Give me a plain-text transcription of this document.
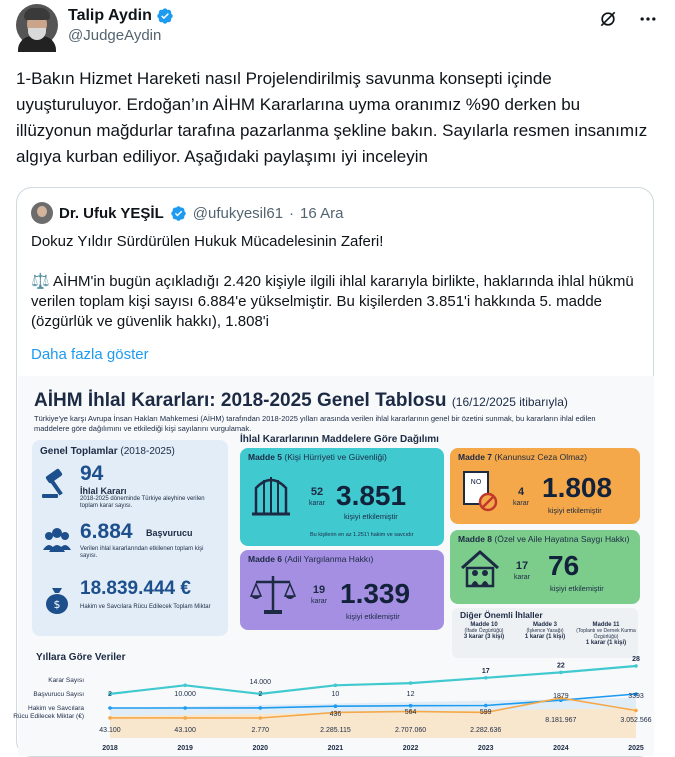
Talip Aydin
@JudgeAydin
1-Bakın Hizmet Hareketi nasıl Projelendirilmiş savunma konsepti içinde uyuşturuluyor. Erdoğan’ın AİHM Kararlarına uyma oranımız %90 derken bu illüzyonun mağdurlar tarafına pazarlanma şekline bakın. Sayılarla resmen insanımız algıya kurban ediliyor. Aşağıdaki paylaşımı iyi inceleyin
Dr. Ufuk YEŞİL @ufukyesil61 · 16 Ara

Dokuz Yıldır Sürdürülen Hukuk Mücadelesinin Zaferi!

⚖️ AİHM'in bugün açıkladığı 2.420 kişiyle ilgili ihlal kararıyla birlikte, haklarında ihlal hükmü verilen toplam kişi sayısı 6.884'e yükselmiştir. Bu kişilerden 3.851'i hakkında 5. madde (özgürlük ve güvenlik hakkı), 1.808'i

Daha fazla göster
AİHM İhlal Kararları: 2018-2025 Genel Tablosu (16/12/2025 itibarıyla)
Türkiye'ye karşı Avrupa İnsan Hakları Mahkemesi (AİHM) tarafından 2018-2025 yılları arasında verilen ihlal kararlarının genel bir özetini sunmak, bu kararların ihlal edilen maddelere göre dağılımını ve etkilediği kişi sayılarını vurgulamak.
Genel Toplamlar (2018-2025)
94
İhlal Kararı
2018-2025 döneminde Türkiye aleyhine verilen toplam karar sayısı.
6.884 Başvurucu
Verilen ihlal kararlarından etkilenen toplam kişi sayısı.
$
18.839.444 €
Hakim ve Savcılara Rücu Edilecek Toplam Miktar
İhlal Kararlarının Maddelere Göre Dağılımı
Madde 5 (Kişi Hürriyeti ve Güvenliği)
52
karar 3.851
kişiyi etkilemiştir
Bu kişilerin en az 1.251'i hakim ve savcıdır
Madde 7 (Kanunsuz Ceza Olmaz)
NO
4
karar
1.808
kişiyi etkilemiştir
Madde 6 (Adil Yargılanma Hakkı)
19
karar 1.339
kişiyi etkilemiştir
Madde 8 (Özel ve Aile Hayatına Saygı Hakkı)
17
karar 76
kişiyi etkilemiştir
Diğer Önemli İhlaller
Madde 10
(İfade Özgürlüğü)
3 karar (3 kişi)
Madde 3
(İşkence Yasağı)
1 karar (1 kişi)
Madde 11
(Toplantı ve Dernek Kurma Özgürlüğü)
1 karar (1 kişi)
Yıllara Göre Veriler
Karar Sayısı
Başvurucu Sayısı
Hakim ve Savcılara
Rücu Edilecek Miktar (€)
17
22
28
2	10.000	2	10	12	1879	3393
43.100	43.100	2.770	2.285.115	2.707.060	2.282.636
8.181.967	3.052.566
14.000
436	564	599
2018	2019	2020	2021	2022	2023	2024	2025
